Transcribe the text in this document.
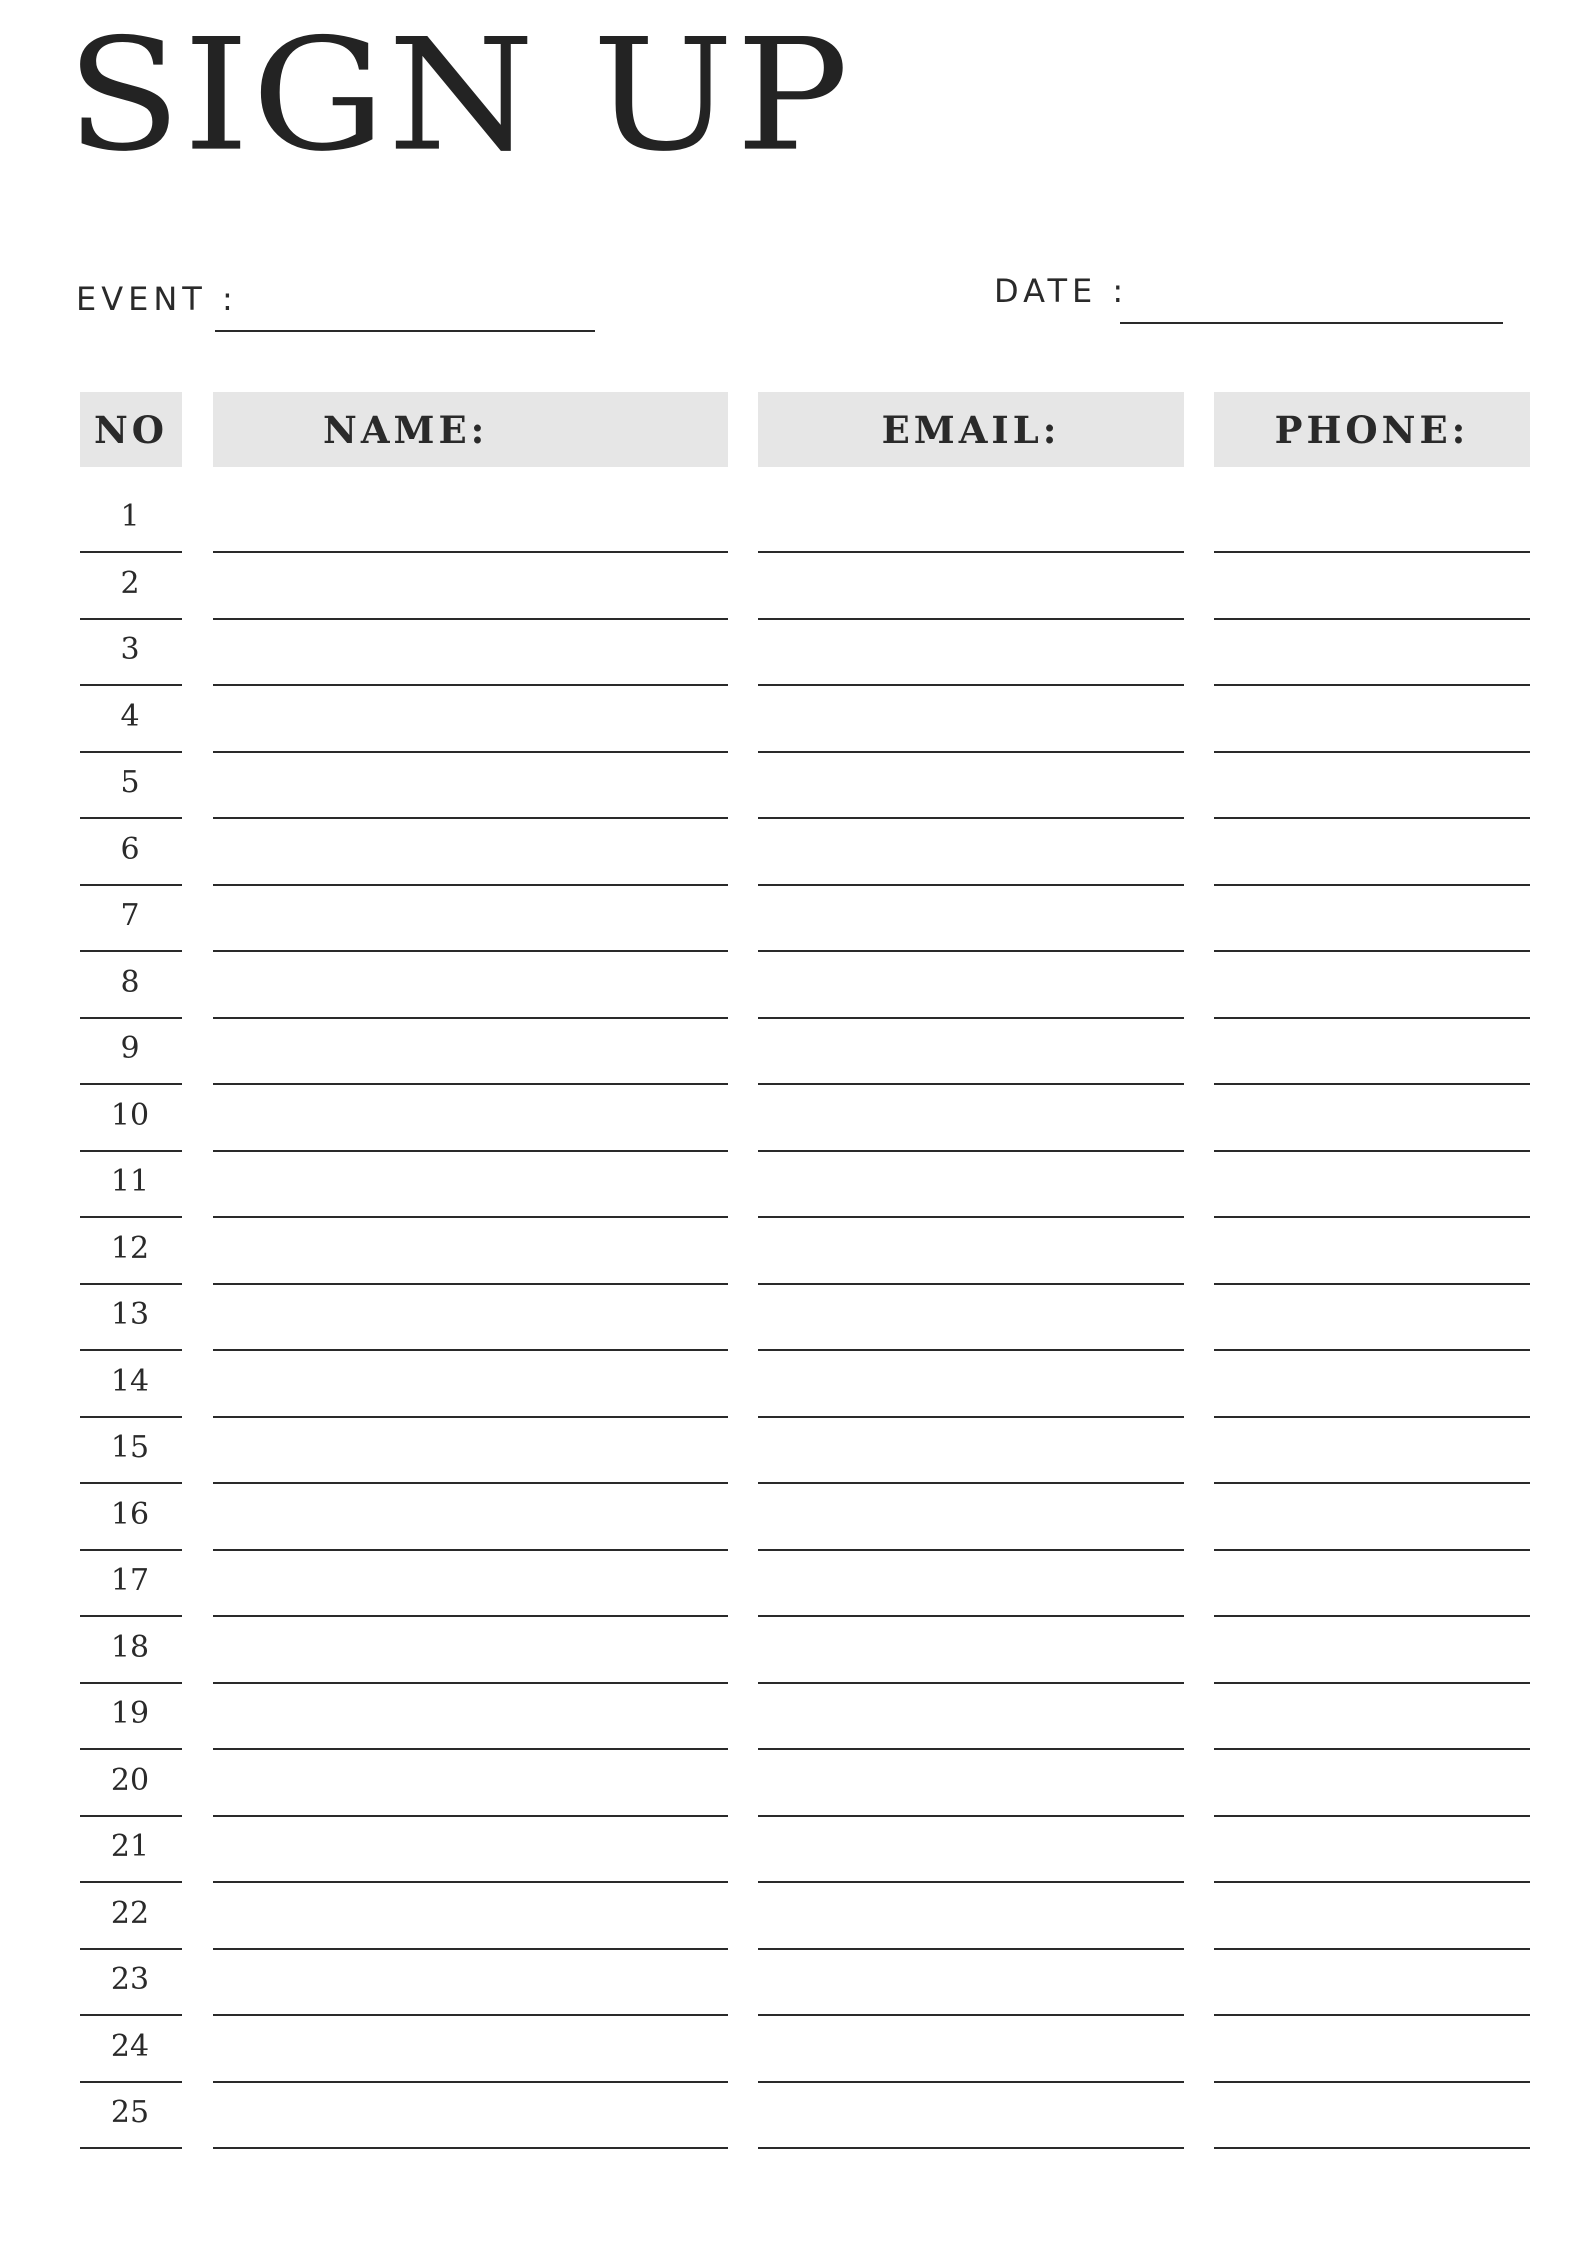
SIGN UP
EVENT :	DATE :
NO	NAME:	EMAIL:	PHONE:
1
2
3
4
5
6
7
8
9
10
11
12
13
14
15
16
17
18
19
20
21
22
23
24
25
